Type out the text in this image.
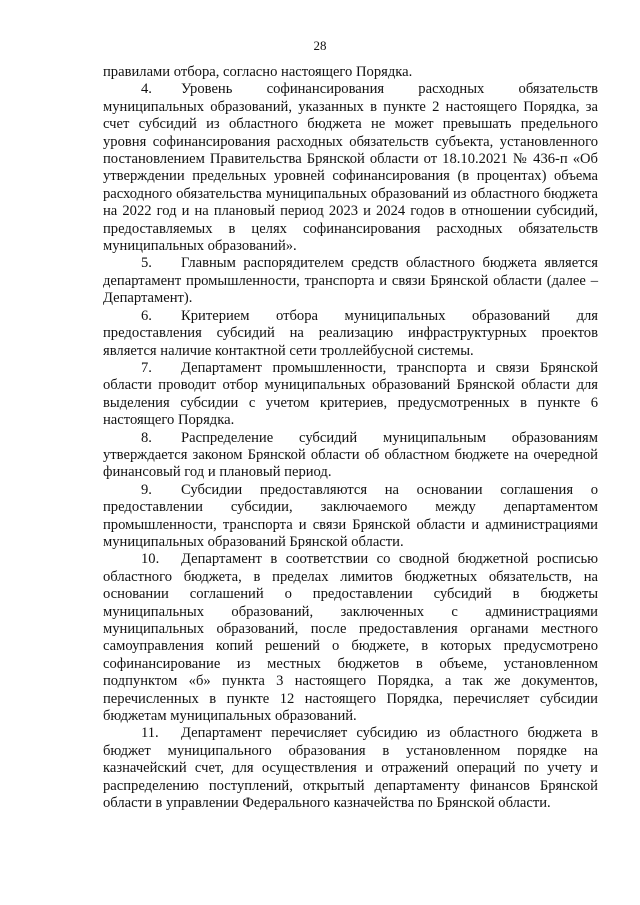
28

правилами отбора, согласно настоящего Порядка.

4. Уровень софинансирования расходных обязательств муниципальных образований, указанных в пункте 2 настоящего Порядка, за счет субсидий из областного бюджета не может превышать предельного уровня софинансирования расходных обязательств субъекта, установленного постановлением Правительства Брянской области от 18.10.2021 № 436-п «Об утверждении предельных уровней софинансирования (в процентах) объема расходного обязательства муниципальных образований из областного бюджета на 2022 год и на плановый период 2023 и 2024 годов в отношении субсидий, предоставляемых в целях софинансирования расходных обязательств муниципальных образований».

5. Главным распорядителем средств областного бюджета является департамент промышленности, транспорта и связи Брянской области (далее – Департамент).

6. Критерием отбора муниципальных образований для предоставления субсидий на реализацию инфраструктурных проектов является наличие контактной сети троллейбусной системы.

7. Департамент промышленности, транспорта и связи Брянской области проводит отбор муниципальных образований Брянской области для выделения субсидии с учетом критериев, предусмотренных в пункте 6 настоящего Порядка.

8. Распределение субсидий муниципальным образованиям утверждается законом Брянской области об областном бюджете на очередной финансовый год и плановый период.

9. Субсидии предоставляются на основании соглашения о предоставлении субсидии, заключаемого между департаментом промышленности, транспорта и связи Брянской области и администрациями муниципальных образований Брянской области.

10. Департамент в соответствии со сводной бюджетной росписью областного бюджета, в пределах лимитов бюджетных обязательств, на основании соглашений о предоставлении субсидий в бюджеты муниципальных образований, заключенных с администрациями муниципальных образований, после предоставления органами местного самоуправления копий решений о бюджете, в которых предусмотрено софинансирование из местных бюджетов в объеме, установленном подпунктом «б» пункта 3 настоящего Порядка, а так же документов, перечисленных в пункте 12 настоящего Порядка, перечисляет субсидии бюджетам муниципальных образований.

11. Департамент перечисляет субсидию из областного бюджета в бюджет муниципального образования в установленном порядке на казначейский счет, для осуществления и отражений операций по учету и распределению поступлений, открытый департаменту финансов Брянской области в управлении Федерального казначейства по Брянской области.
